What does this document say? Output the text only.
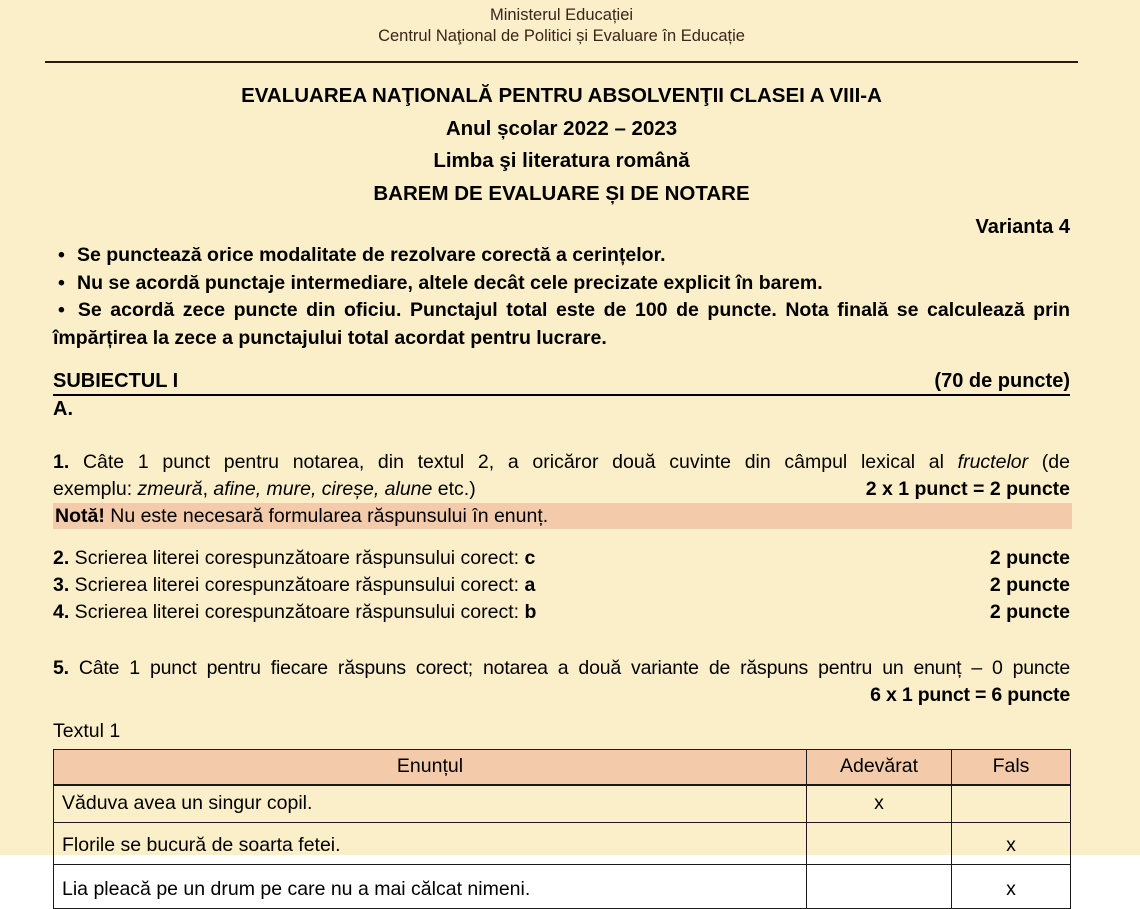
Ministerul Educației
Centrul Naţional de Politici și Evaluare în Educație
EVALUAREA NAŢIONALĂ PENTRU ABSOLVENŢII CLASEI A VIII-A
Anul școlar 2022 – 2023
Limba şi literatura română
BAREM DE EVALUARE ȘI DE NOTARE
Varianta 4
• Se punctează orice modalitate de rezolvare corectă a cerințelor.
• Nu se acordă punctaje intermediare, altele decât cele precizate explicit în barem.
• Se acordă zece puncte din oficiu. Punctajul total este de 100 de puncte. Nota finală se calculează prin împărțirea la zece a punctajului total acordat pentru lucrare.
SUBIECTUL I	(70 de puncte)
A.
1. Câte 1 punct pentru notarea, din textul 2, a oricăror două cuvinte din câmpul lexical al fructelor (de
exemplu: zmeură, afine, mure, cireșe, alune etc.)	2 x 1 punct = 2 puncte
Notă! Nu este necesară formularea răspunsului în enunț.
2. Scrierea literei corespunzătoare răspunsului corect: c	2 puncte
3. Scrierea literei corespunzătoare răspunsului corect: a	2 puncte
4. Scrierea literei corespunzătoare răspunsului corect: b	2 puncte
5. Câte 1 punct pentru fiecare răspuns corect; notarea a două variante de răspuns pentru un enunț – 0 puncte
6 x 1 punct = 6 puncte
Textul 1
Enunțul	Adevărat	Fals
Văduva avea un singur copil.	x	
Florile se bucură de soarta fetei.		x
Lia pleacă pe un drum pe care nu a mai călcat nimeni.		x
